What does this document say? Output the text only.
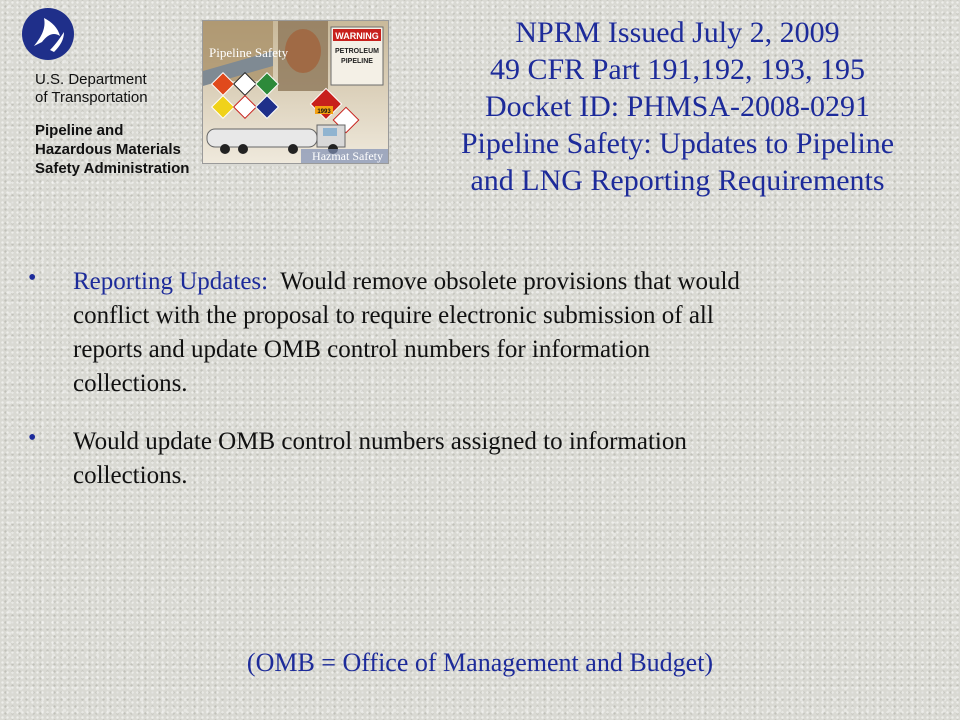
U.S. Department

of Transportation

Pipeline and
Hazardous Materials
Safety Administration
WARNING
PETROLEUM
PIPELINE
Pipeline Safety
1993
Hazmat Safety
NPRM Issued July 2, 2009
49 CFR Part 191,192, 193, 195
Docket ID: PHMSA-2008-0291
Pipeline Safety: Updates to Pipeline
and LNG Reporting Requirements
• Reporting Updates:  Would remove obsolete provisions that would
conflict with the proposal to require electronic submission of all
reports and update OMB control numbers for information
collections.
• Would update OMB control numbers assigned to information
collections.
(OMB = Office of Management and Budget)
